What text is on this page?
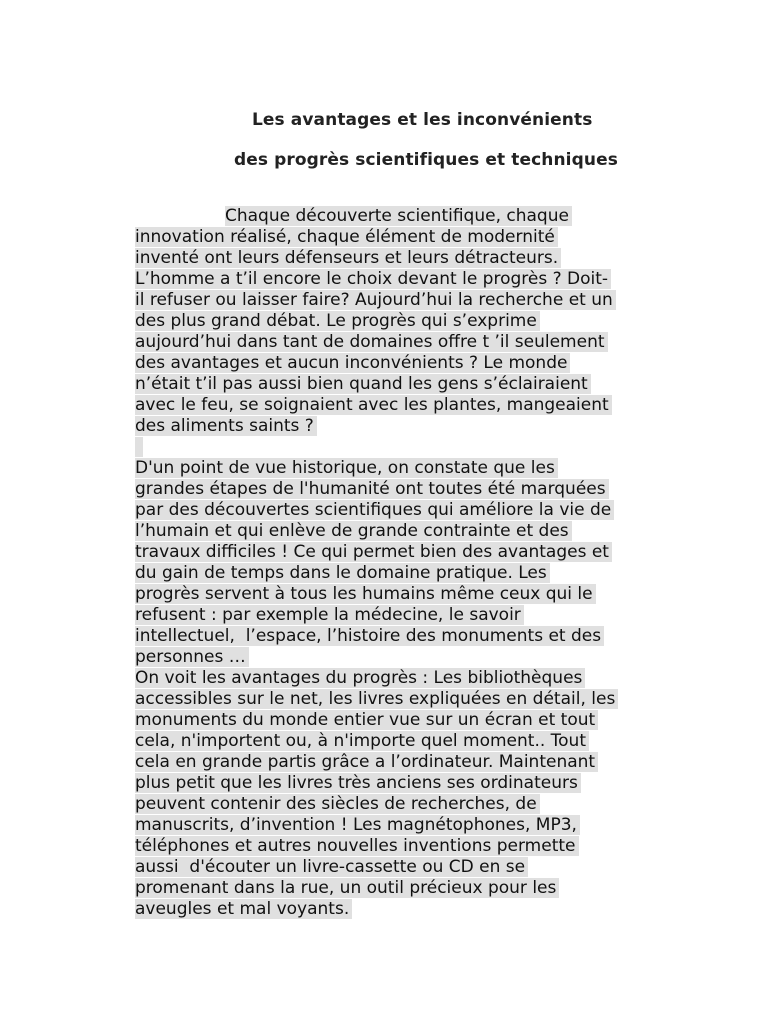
Les avantages et les inconvénients
des progrès scientifiques et techniques
Chaque découverte scientifique, chaque
innovation réalisé, chaque élément de modernité
inventé ont leurs défenseurs et leurs détracteurs.
L’homme a t’il encore le choix devant le progrès ? Doit-
il refuser ou laisser faire? Aujourd’hui la recherche et un
des plus grand débat. Le progrès qui s’exprime
aujourd’hui dans tant de domaines offre t ’il seulement
des avantages et aucun inconvénients ? Le monde
n’était t’il pas aussi bien quand les gens s’éclairaient
avec le feu, se soignaient avec les plantes, mangeaient
des aliments saints ?

D'un point de vue historique, on constate que les
grandes étapes de l'humanité ont toutes été marquées
par des découvertes scientifiques qui améliore la vie de
l’humain et qui enlève de grande contrainte et des
travaux difficiles ! Ce qui permet bien des avantages et
du gain de temps dans le domaine pratique. Les
progrès servent à tous les humains même ceux qui le
refusent : par exemple la médecine, le savoir
intellectuel,  l’espace, l’histoire des monuments et des
personnes …
On voit les avantages du progrès : Les bibliothèques
accessibles sur le net, les livres expliquées en détail, les
monuments du monde entier vue sur un écran et tout
cela, n'importent ou, à n'importe quel moment.. Tout
cela en grande partis grâce a l’ordinateur. Maintenant
plus petit que les livres très anciens ses ordinateurs
peuvent contenir des siècles de recherches, de
manuscrits, d’invention ! Les magnétophones, MP3,
téléphones et autres nouvelles inventions permette
aussi  d'écouter un livre-cassette ou CD en se
promenant dans la rue, un outil précieux pour les
aveugles et mal voyants.
